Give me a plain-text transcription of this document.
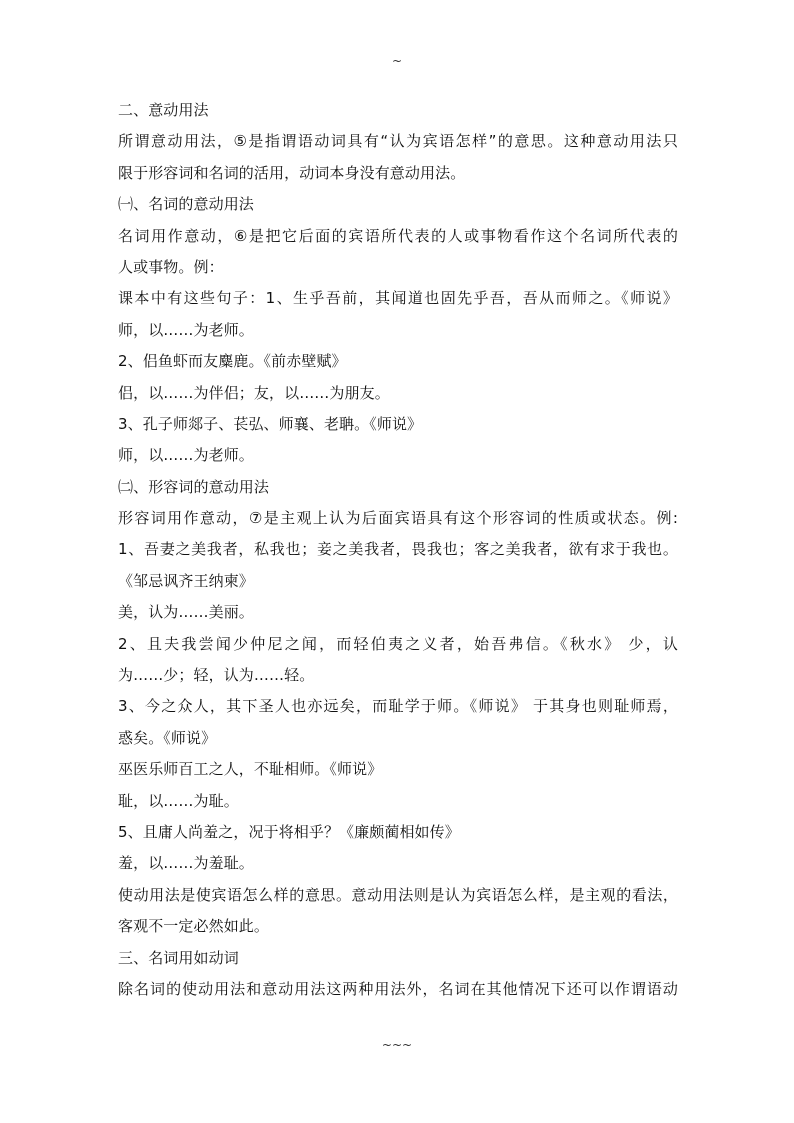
~
二、意动用法
所谓意动用法，⑤是指谓语动词具有“认为宾语怎样”的意思。这种意动用法只
限于形容词和名词的活用，动词本身没有意动用法。
㈠、名词的意动用法
名词用作意动，⑥是把它后面的宾语所代表的人或事物看作这个名词所代表的
人或事物。例：
课本中有这些句子：1、生乎吾前，其闻道也固先乎吾，吾从而师之。《师说》
师，以……为老师。
2、侣鱼虾而友麋鹿。《前赤壁赋》
侣，以……为伴侣；友，以……为朋友。
3、孔子师郯子、苌弘、师襄、老聃。《师说》
师，以……为老师。
㈡、形容词的意动用法
形容词用作意动，⑦是主观上认为后面宾语具有这个形容词的性质或状态。例:
1、吾妻之美我者，私我也；妾之美我者，畏我也；客之美我者，欲有求于我也。
《邹忌讽齐王纳柬》
美，认为……美丽。
2、且夫我尝闻少仲尼之闻，而轻伯夷之义者，始吾弗信。《秋水》 少，认
为……少；轻，认为……轻。
3、今之众人，其下圣人也亦远矣，而耻学于师。《师说》 于其身也则耻师焉，
惑矣。《师说》
巫医乐师百工之人，不耻相师。《师说》
耻，以……为耻。
5、且庸人尚羞之，况于将相乎？《廉颇蔺相如传》
羞，以……为羞耻。
使动用法是使宾语怎么样的意思。意动用法则是认为宾语怎么样，是主观的看法，
客观不一定必然如此。
三、名词用如动词
除名词的使动用法和意动用法这两种用法外，名词在其他情况下还可以作谓语动
~~~
